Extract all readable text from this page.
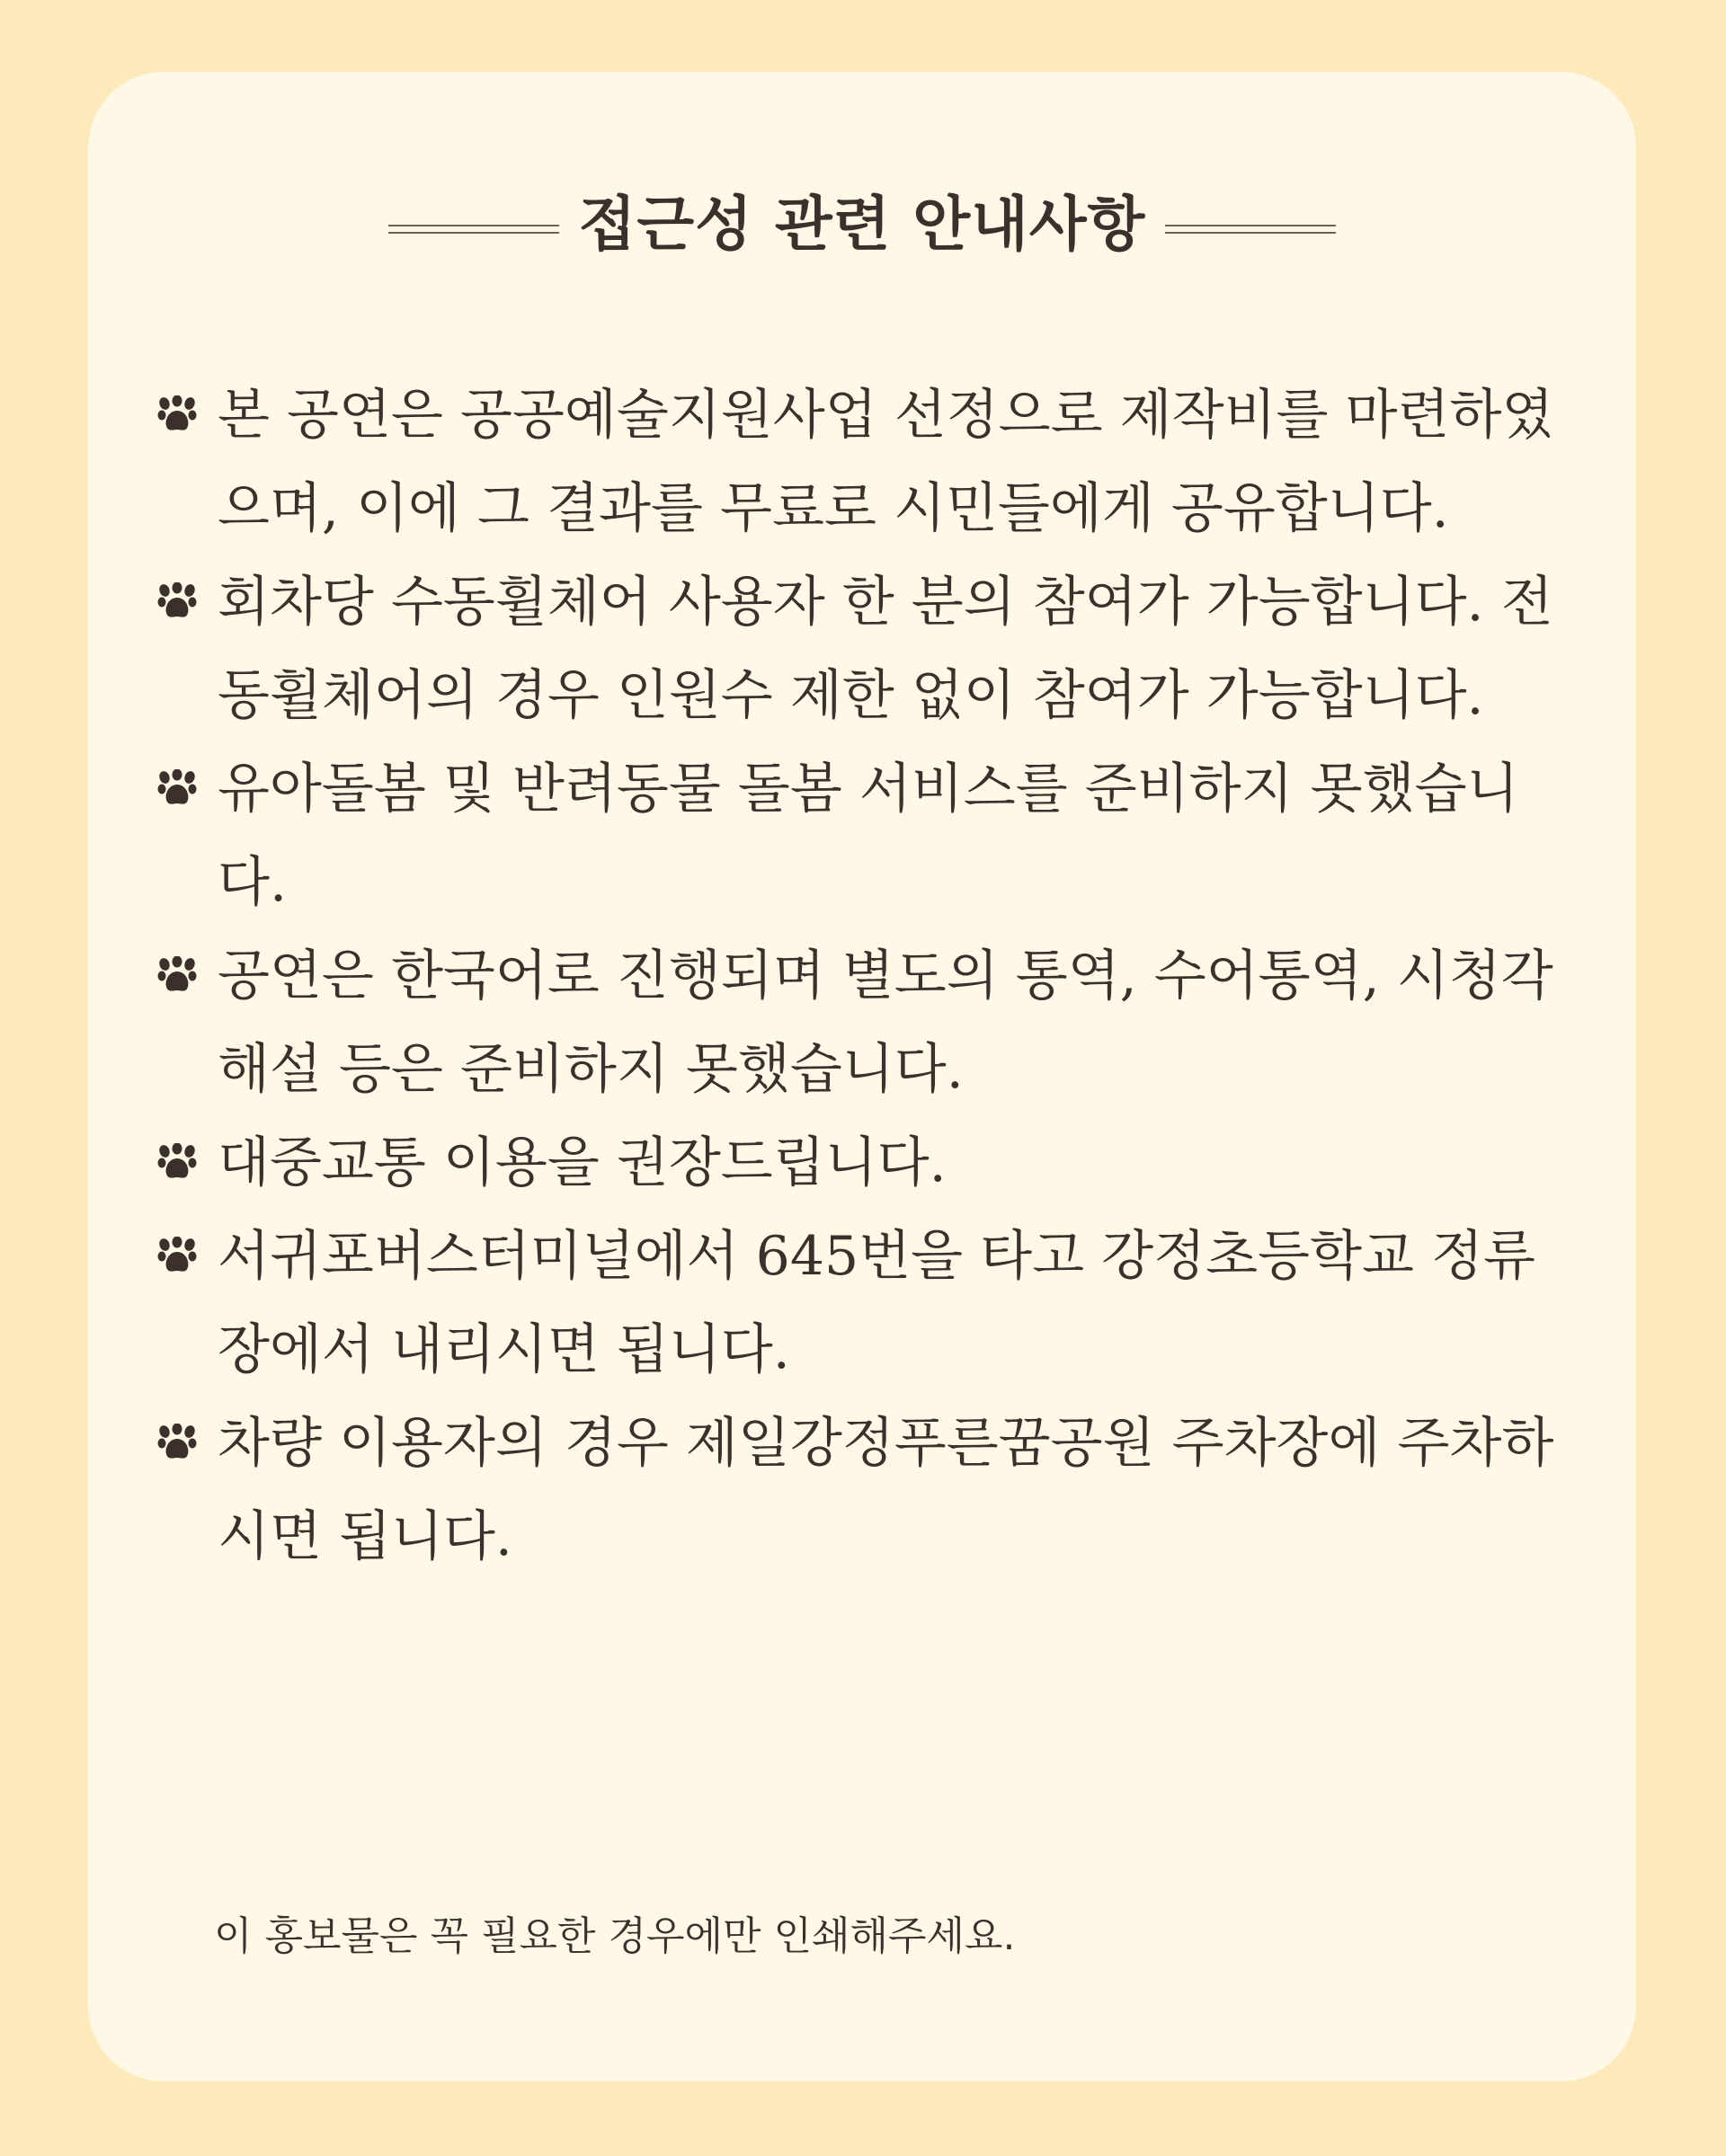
접근성 관련 안내사항
본 공연은 공공예술지원사업 선정으로 제작비를 마련하였으며, 이에 그 결과를 무료로 시민들에게 공유합니다.
회차당 수동휠체어 사용자 한 분의 참여가 가능합니다. 전동휠체어의 경우 인원수 제한 없이 참여가 가능합니다.
유아돌봄 및 반려동물 돌봄 서비스를 준비하지 못했습니다.
공연은 한국어로 진행되며 별도의 통역, 수어통역, 시청각해설 등은 준비하지 못했습니다.
대중교통 이용을 권장드립니다.
서귀포버스터미널에서 645번을 타고 강정초등학교 정류장에서 내리시면 됩니다.
차량 이용자의 경우 제일강정푸른꿈공원 주차장에 주차하시면 됩니다.
이 홍보물은 꼭 필요한 경우에만 인쇄해주세요.
